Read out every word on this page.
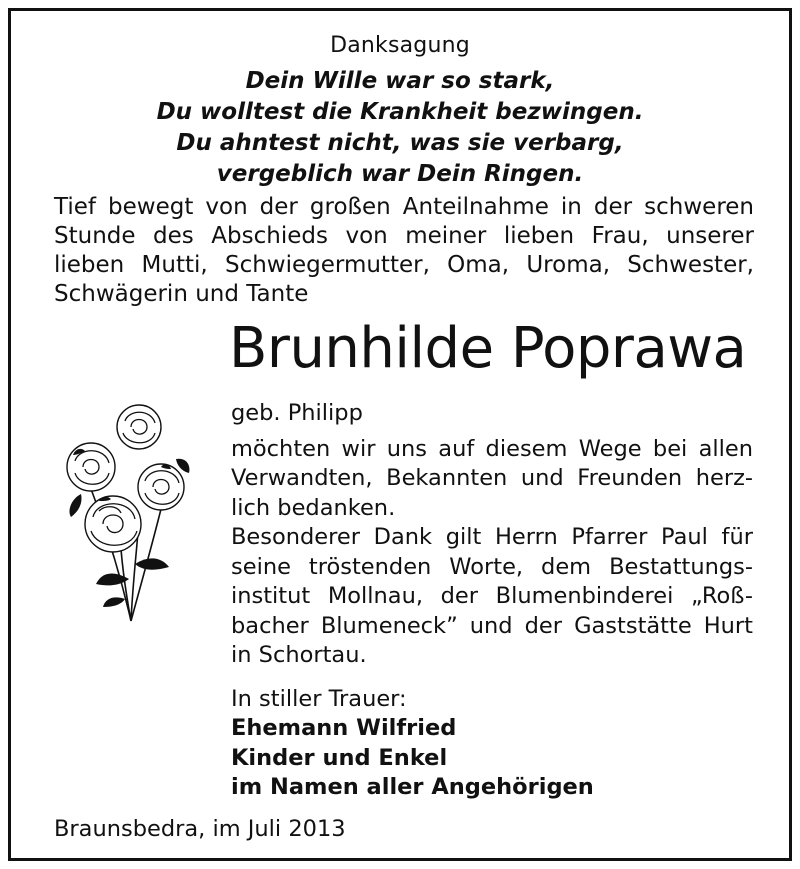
Danksagung
Dein Wille war so stark,
Du wolltest die Krankheit bezwingen.
Du ahntest nicht, was sie verbarg,
vergeblich war Dein Ringen.
Tief bewegt von der großen Anteilnahme in der schweren
Stunde des Abschieds von meiner lieben Frau, unserer
lieben Mutti, Schwiegermutter, Oma, Uroma, Schwester,
Schwägerin und Tante
Brunhilde Poprawa
geb. Philipp
möchten wir uns auf diesem Wege bei allen
Verwandten, Bekannten und Freunden herz-
lich bedanken.
Besonderer Dank gilt Herrn Pfarrer Paul für
seine tröstenden Worte, dem Bestattungs-
institut Mollnau, der Blumenbinderei „Roß-
bacher Blumeneck” und der Gaststätte Hurt
in Schortau.
In stiller Trauer:
Ehemann Wilfried
Kinder und Enkel
im Namen aller Angehörigen
Braunsbedra, im Juli 2013
